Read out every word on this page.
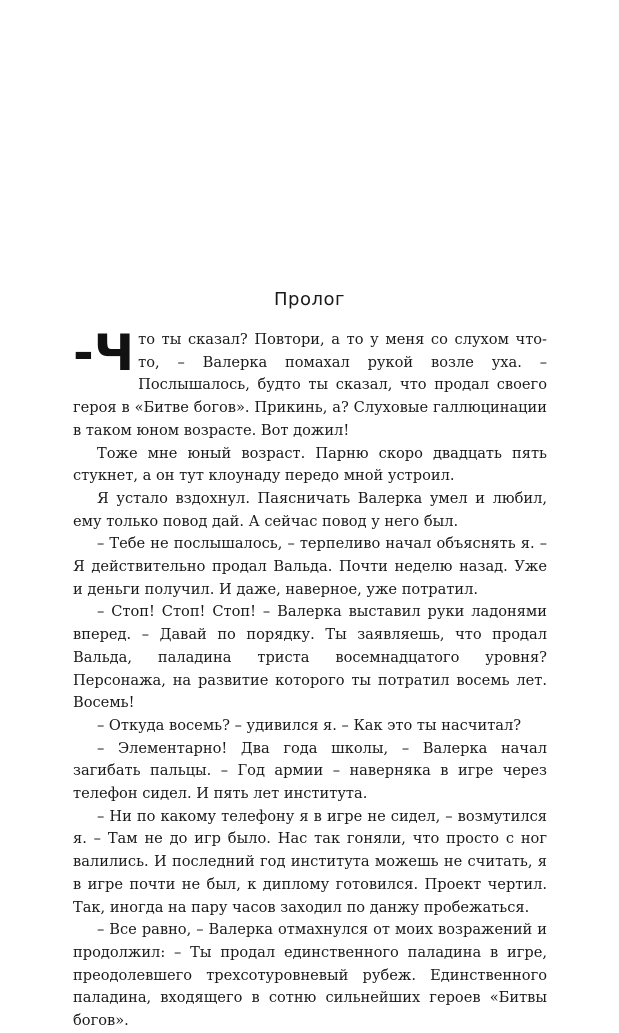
Пролог

-Ч то ты сказал? Повтори, а то у меня со слухом что-то, – Валерка помахал рукой возле уха. – Послышалось, будто ты сказал, что продал своего героя в «Битве богов». Прикинь, а? Слуховые галлюцинации в таком юном возрасте. Вот дожил!

Тоже мне юный возраст. Парню скоро двадцать пять стукнет, а он тут клоунаду передо мной устроил.

Я устало вздохнул. Паясничать Валерка умел и любил, ему только повод дай. А сейчас повод у него был.

– Тебе не послышалось, – терпеливо начал объяснять я. – Я действительно продал Вальда. Почти неделю назад. Уже и деньги получил. И даже, наверное, уже потратил.

– Стоп! Стоп! Стоп! – Валерка выставил руки ладонями вперед. – Давай по порядку. Ты заявляешь, что продал Вальда, паладина триста восемнадцатого уровня? Персонажа, на развитие которого ты потратил восемь лет. Восемь!

– Откуда восемь? – удивился я. – Как это ты насчитал?

– Элементарно! Два года школы, – Валерка начал загибать пальцы. – Год армии – наверняка в игре через телефон сидел. И пять лет института.

– Ни по какому телефону я в игре не сидел, – возмутился я. – Там не до игр было. Нас так гоняли, что просто с ног валились. И последний год института можешь не считать, я в игре почти не был, к диплому готовился. Проект чертил. Так, иногда на пару часов заходил по данжу пробежаться.

– Все равно, – Валерка отмахнулся от моих возражений и продолжил: – Ты продал единственного паладина в игре, преодолевшего трехсотуровневый рубеж. Единственного паладина, входящего в сотню сильнейших героев «Битвы богов».
